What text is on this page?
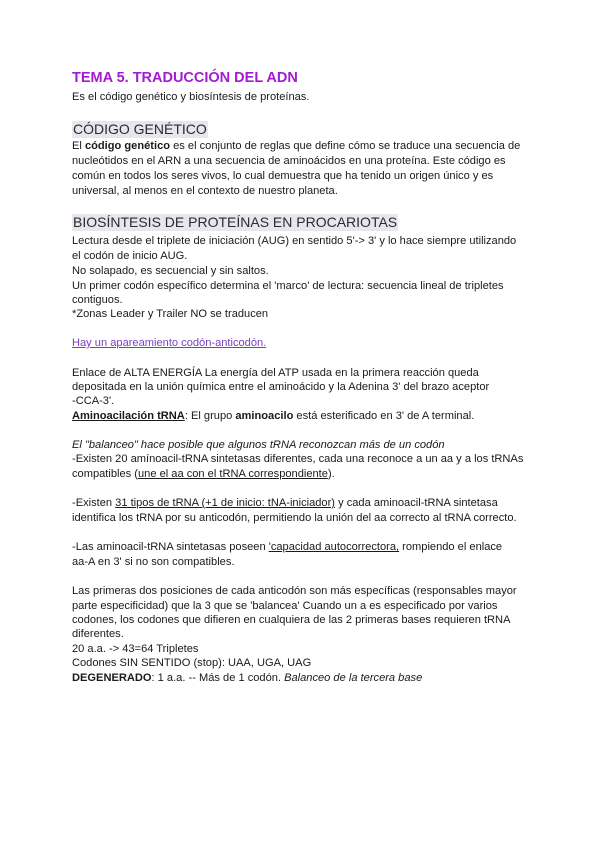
TEMA 5. TRADUCCIÓN DEL ADN
Es el código genético y biosíntesis de proteínas.
CÓDIGO GENÉTICO
El código genético es el conjunto de reglas que define cómo se traduce una secuencia de
nucleótidos en el ARN a una secuencia de aminoácidos en una proteína. Este código es
común en todos los seres vivos, lo cual demuestra que ha tenido un origen único y es
universal, al menos en el contexto de nuestro planeta.
BIOSÍNTESIS DE PROTEÍNAS EN PROCARIOTAS
Lectura desde el triplete de iniciación (AUG) en sentido 5'-> 3' y lo hace siempre utilizando
el codón de inicio AUG.
No solapado, es secuencial y sin saltos.
Un primer codón específico determina el 'marco' de lectura: secuencia lineal de tripletes
contiguos.
*Zonas Leader y Trailer NO se traducen
Hay un apareamiento codón-anticodón.
Enlace de ALTA ENERGÍA La energía del ATP usada en la primera reacción queda
depositada en la unión química entre el aminoácido y la Adenina 3' del brazo aceptor
-CCA-3'.
Aminoacilación tRNA: El grupo aminoacilo está esterificado en 3' de A terminal.
El "balanceo" hace posible que algunos tRNA reconozcan más de un codón
-Existen 20 amínoacil-tRNA sintetasas diferentes, cada una reconoce a un aa y a los tRNAs
compatibles (une el aa con el tRNA correspondiente).
-Existen 31 tipos de tRNA (+1 de inicio: tNA-iniciador) y cada aminoacil-tRNA sintetasa
identifica los tRNA por su anticodón, permitiendo la unión del aa correcto al tRNA correcto.
-Las aminoacil-tRNA sintetasas poseen 'capacidad autocorrectora, rompiendo el enlace
aa-A en 3' si no son compatibles.
Las primeras dos posiciones de cada anticodón son más específicas (responsables mayor
parte especificidad) que la 3 que se 'balancea' Cuando un a es especificado por varios
codones, los codones que difieren en cualquiera de las 2 primeras bases requieren tRNA
diferentes.
20 a.a. -> 43=64 Tripletes
Codones SIN SENTIDO (stop): UAA, UGA, UAG
DEGENERADO: 1 a.a. -- Más de 1 codón. Balanceo de la tercera base
